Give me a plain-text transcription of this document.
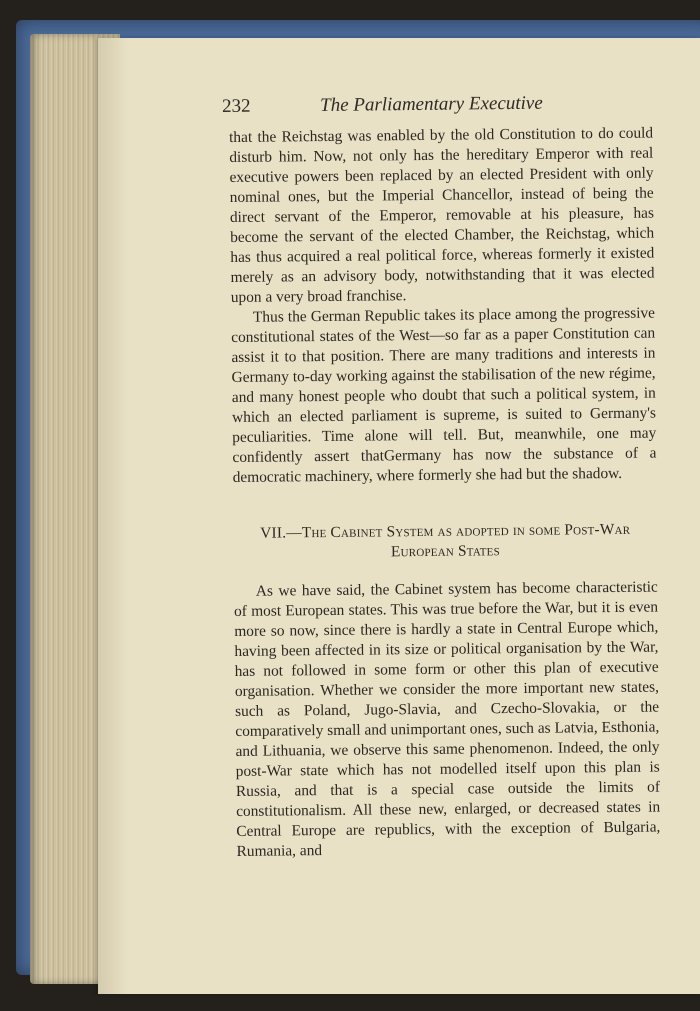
232	The Parliamentary Executive

that the Reichstag was enabled by the old Constitution to do could disturb him. Now, not only has the hereditary Emperor with real executive powers been replaced by an elected President with only nominal ones, but the Imperial Chancellor, instead of being the direct servant of the Emperor, removable at his pleasure, has become the servant of the elected Chamber, the Reichstag, which has thus acquired a real political force, whereas formerly it existed merely as an advisory body, notwithstanding that it was elected upon a very broad franchise.

Thus the German Republic takes its place among the progressive constitutional states of the West—so far as a paper Constitution can assist it to that position. There are many traditions and interests in Germany to-day working against the stabilisation of the new régime, and many honest people who doubt that such a political system, in which an elected parliament is supreme, is suited to Germany's peculiarities. Time alone will tell. But, meanwhile, one may confidently assert thatGermany has now the substance of a democratic machinery, where formerly she had but the shadow.

VII.—The Cabinet System as adopted in some Post-War European States

As we have said, the Cabinet system has become characteristic of most European states. This was true before the War, but it is even more so now, since there is hardly a state in Central Europe which, having been affected in its size or political organisation by the War, has not followed in some form or other this plan of executive organisation. Whether we consider the more important new states, such as Poland, Jugo-Slavia, and Czecho-Slovakia, or the comparatively small and unimportant ones, such as Latvia, Esthonia, and Lithuania, we observe this same phenomenon. Indeed, the only post-War state which has not modelled itself upon this plan is Russia, and that is a special case outside the limits of constitutionalism. All these new, enlarged, or decreased states in Central Europe are republics, with the exception of Bulgaria, Rumania, and
